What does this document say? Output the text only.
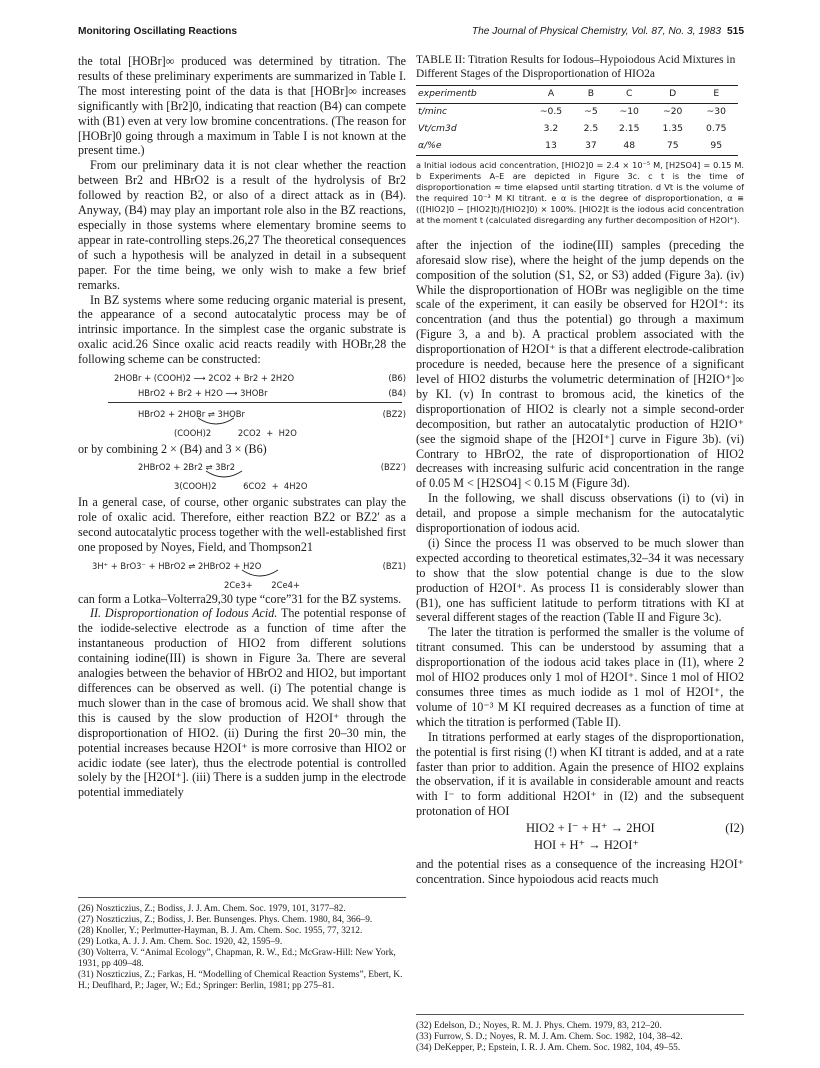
Monitoring Oscillating Reactions	The Journal of Physical Chemistry, Vol. 87, No. 3, 1983 515

the total [HOBr]∞ produced was determined by titration. The results of these preliminary experiments are summarized in Table I. The most interesting point of the data is that [HOBr]∞ increases significantly with [Br2]0, indicating that reaction (B4) can compete with (B1) even at very low bromine concentrations. (The reason for [HOBr]0 going through a maximum in Table I is not known at the present time.)

From our preliminary data it is not clear whether the reaction between Br2 and HBrO2 is a result of the hydrolysis of Br2 followed by reaction B2, or also of a direct attack as in (B4). Anyway, (B4) may play an important role also in the BZ reactions, especially in those systems where elementary bromine seems to appear in rate-controlling steps.26,27 The theoretical consequences of such a hypothesis will be analyzed in detail in a subsequent paper. For the time being, we only wish to make a few brief remarks.

In BZ systems where some reducing organic material is present, the appearance of a second autocatalytic process may be of intrinsic importance. In the simplest case the organic substrate is oxalic acid.26 Since oxalic acid reacts readily with HOBr,28 the following scheme can be constructed:

2HOBr + (COOH)2 ⟶ 2CO2 + Br2 + 2H2O	(B6)
HBrO2 + Br2 + H2O ⟶ 3HOBr	(B4)
HBrO2 + 2HOBr ⇌ 3HOBr	(BZ2)
(COOH)2          2CO2  +  H2O

or by combining 2 × (B4) and 3 × (B6)

2HBrO2 + 2Br2 ⇌ 3Br2	(BZ2′)
3(COOH)2          6CO2  +  4H2O

In a general case, of course, other organic substrates can play the role of oxalic acid. Therefore, either reaction BZ2 or BZ2′ as a second autocatalytic process together with the well-established first one proposed by Noyes, Field, and Thompson21

3H⁺ + BrO3⁻ + HBrO2 ⇌ 2HBrO2 + H2O	(BZ1)
2Ce3+       2Ce4+

can form a Lotka–Volterra29,30 type “core”31 for the BZ systems.

II. Disproportionation of Iodous Acid. The potential response of the iodide-selective electrode as a function of time after the instantaneous production of HIO2 from different solutions containing iodine(III) is shown in Figure 3a. There are several analogies between the behavior of HBrO2 and HIO2, but important differences can be observed as well. (i) The potential change is much slower than in the case of bromous acid. We shall show that this is caused by the slow production of H2OI⁺ through the disproportionation of HIO2. (ii) During the first 20–30 min, the potential increases because H2OI⁺ is more corrosive than HIO2 or acidic iodate (see later), thus the electrode potential is controlled solely by the [H2OI⁺]. (iii) There is a sudden jump in the electrode potential immediately

(26) Noszticzius, Z.; Bodiss, J. J. Am. Chem. Soc. 1979, 101, 3177–82.
(27) Noszticzius, Z.; Bodiss, J. Ber. Bunsenges. Phys. Chem. 1980, 84, 366–9.
(28) Knoller, Y.; Perlmutter-Hayman, B. J. Am. Chem. Soc. 1955, 77, 3212.
(29) Lotka, A. J. J. Am. Chem. Soc. 1920, 42, 1595–9.
(30) Volterra, V. “Animal Ecology”, Chapman, R. W., Ed.; McGraw-Hill: New York, 1931, pp 409–48.
(31) Noszticzius, Z.; Farkas, H. “Modelling of Chemical Reaction Systems”, Ebert, K. H.; Deuflhard, P.; Jager, W.; Ed.; Springer: Berlin, 1981; pp 275–81.
TABLE II: Titration Results for Iodous–Hypoiodous Acid Mixtures in Different Stages of the Disproportionation of HIO2a
experimentb	A	B	C	D	E
t/minc	~0.5	~5	~10	~20	~30
Vt/cm3d	3.2	2.5	2.15	1.35	0.75
α/%e	13	37	48	75	95
a Initial iodous acid concentration, [HIO2]0 = 2.4 × 10⁻⁵ M, [H2SO4] = 0.15 M. b Experiments A–E are depicted in Figure 3c. c t is the time of disproportionation ≈ time elapsed until starting titration. d Vt is the volume of the required 10⁻³ M KI titrant. e α is the degree of disproportionation, α ≡ (([HIO2]0 − [HIO2]t)/[HIO2]0) × 100%. [HIO2]t is the iodous acid concentration at the moment t (calculated disregarding any further decomposition of H2OI⁺).

after the injection of the iodine(III) samples (preceding the aforesaid slow rise), where the height of the jump depends on the composition of the solution (S1, S2, or S3) added (Figure 3a). (iv) While the disproportionation of HOBr was negligible on the time scale of the experiment, it can easily be observed for H2OI⁺: its concentration (and thus the potential) go through a maximum (Figure 3, a and b). A practical problem associated with the disproportionation of H2OI⁺ is that a different electrode-calibration procedure is needed, because here the presence of a significant level of HIO2 disturbs the volumetric determination of [H2IO⁺]∞ by KI. (v) In contrast to bromous acid, the kinetics of the disproportionation of HIO2 is clearly not a simple second-order decomposition, but rather an autocatalytic production of H2IO⁺ (see the sigmoid shape of the [H2OI⁺] curve in Figure 3b). (vi) Contrary to HBrO2, the rate of disproportionation of HIO2 decreases with increasing sulfuric acid concentration in the range of 0.05 M < [H2SO4] < 0.15 M (Figure 3d).

In the following, we shall discuss observations (i) to (vi) in detail, and propose a simple mechanism for the autocatalytic disproportionation of iodous acid.

(i) Since the process I1 was observed to be much slower than expected according to theoretical estimates,32–34 it was necessary to show that the slow potential change is due to the slow production of H2OI⁺. As process I1 is considerably slower than (B1), one has sufficient latitude to perform titrations with KI at several different stages of the reaction (Table II and Figure 3c).

The later the titration is performed the smaller is the volume of titrant consumed. This can be understood by assuming that a disproportionation of the iodous acid takes place in (I1), where 2 mol of HIO2 produces only 1 mol of H2OI⁺. Since 1 mol of HIO2 consumes three times as much iodide as 1 mol of H2OI⁺, the volume of 10⁻³ M KI required decreases as a function of time at which the titration is performed (Table II).

In titrations performed at early stages of the disproportionation, the potential is first rising (!) when KI titrant is added, and at a rate faster than prior to addition. Again the presence of HIO2 explains the observation, if it is available in considerable amount and reacts with I⁻ to form additional H2OI⁺ in (I2) and the subsequent protonation of HOI

HIO2 + I⁻ + H⁺ → 2HOI	(I2)
HOI + H⁺ → H2OI⁺

and the potential rises as a consequence of the increasing H2OI⁺ concentration. Since hypoiodous acid reacts much

(32) Edelson, D.; Noyes, R. M. J. Phys. Chem. 1979, 83, 212–20.
(33) Furrow, S. D.; Noyes, R. M. J. Am. Chem. Soc. 1982, 104, 38–42.
(34) DeKepper, P.; Epstein, I. R. J. Am. Chem. Soc. 1982, 104, 49–55.
